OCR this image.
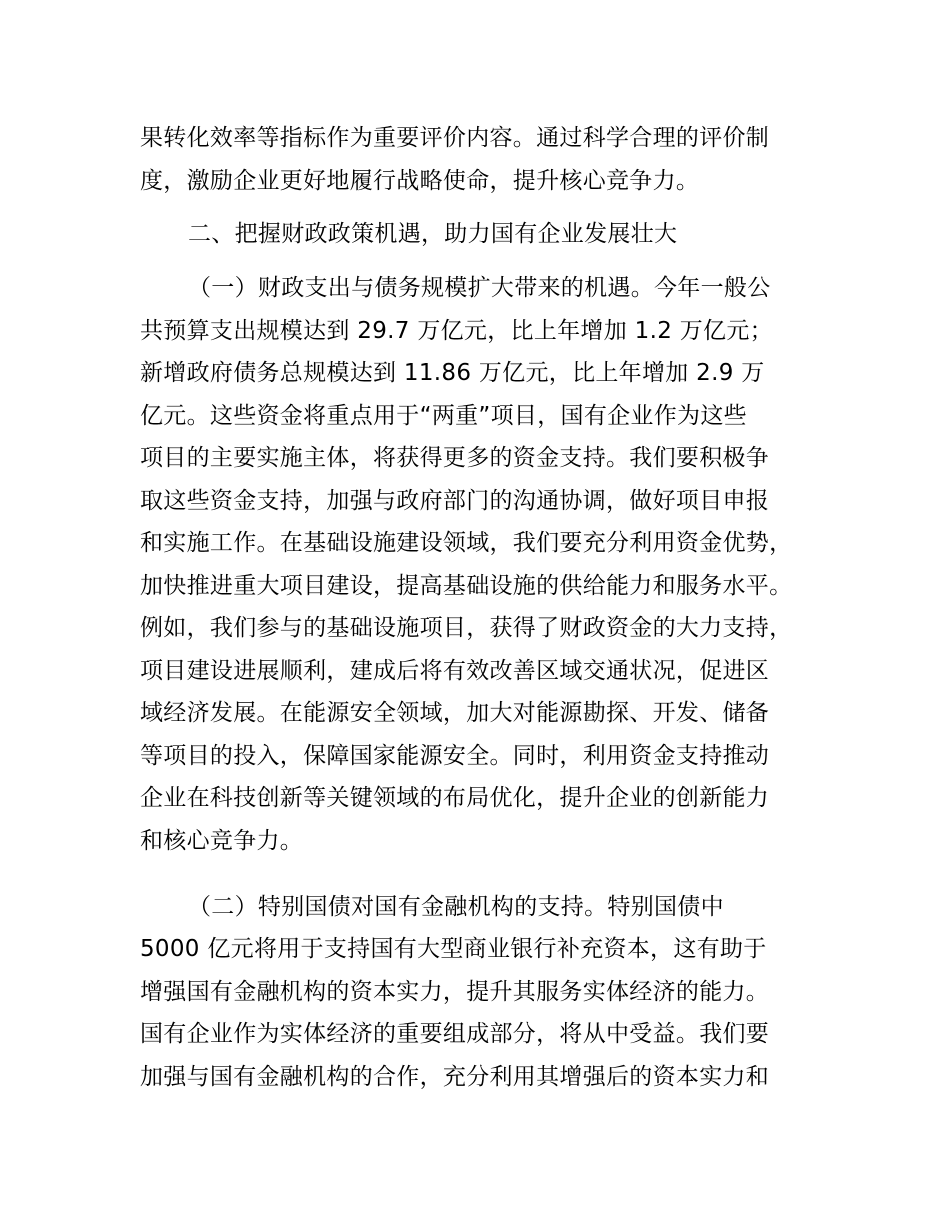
果转化效率等指标作为重要评价内容。通过科学合理的评价制
度，激励企业更好地履行战略使命，提升核心竞争力。
二、把握财政政策机遇，助力国有企业发展壮大
（一）财政支出与债务规模扩大带来的机遇。今年一般公
共预算支出规模达到 29.7 万亿元，比上年增加 1.2 万亿元；
新增政府债务总规模达到 11.86 万亿元，比上年增加 2.9 万
亿元。这些资金将重点用于“两重”项目，国有企业作为这些
项目的主要实施主体，将获得更多的资金支持。我们要积极争
取这些资金支持，加强与政府部门的沟通协调，做好项目申报
和实施工作。在基础设施建设领域，我们要充分利用资金优势，
加快推进重大项目建设，提高基础设施的供给能力和服务水平。
例如，我们参与的基础设施项目，获得了财政资金的大力支持，
项目建设进展顺利，建成后将有效改善区域交通状况，促进区
域经济发展。在能源安全领域，加大对能源勘探、开发、储备
等项目的投入，保障国家能源安全。同时，利用资金支持推动
企业在科技创新等关键领域的布局优化，提升企业的创新能力
和核心竞争力。
（二）特别国债对国有金融机构的支持。特别国债中
5000 亿元将用于支持国有大型商业银行补充资本，这有助于
增强国有金融机构的资本实力，提升其服务实体经济的能力。
国有企业作为实体经济的重要组成部分，将从中受益。我们要
加强与国有金融机构的合作，充分利用其增强后的资本实力和
